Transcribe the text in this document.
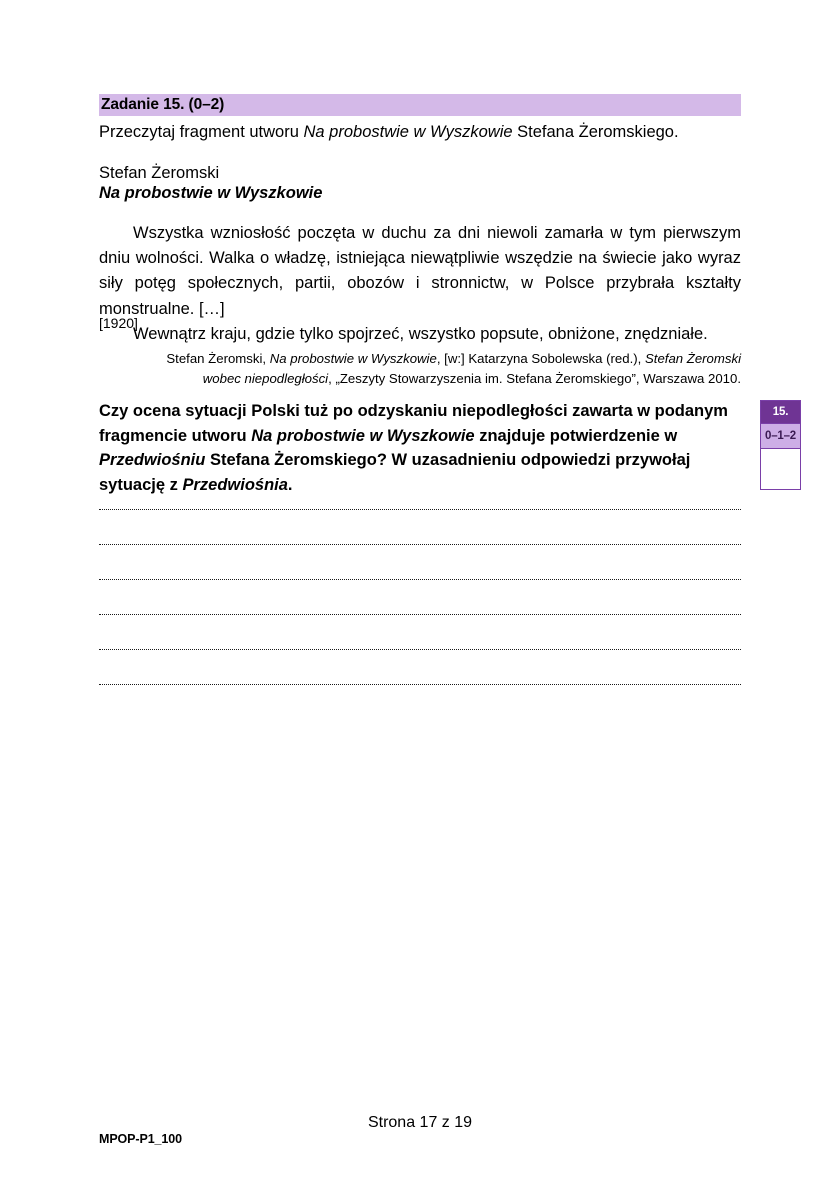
Zadanie 15. (0–2)
Przeczytaj fragment utworu Na probostwie w Wyszkowie Stefana Żeromskiego.
Stefan Żeromski
Na probostwie w Wyszkowie

Wszystka wzniosłość poczęta w duchu za dni niewoli zamarła w tym pierwszym dniu wolności. Walka o władzę, istniejąca niewątpliwie wszędzie na świecie jako wyraz siły potęg społecznych, partii, obozów i stronnictw, w Polsce przybrała kształty monstrualne. […]

Wewnątrz kraju, gdzie tylko spojrzeć, wszystko popsute, obniżone, znędzniałe.

[1920]
Stefan Żeromski, Na probostwie w Wyszkowie, [w:] Katarzyna Sobolewska (red.), Stefan Żeromski wobec niepodległości, „Zeszyty Stowarzyszenia im. Stefana Żeromskiego”, Warszawa 2010.
Czy ocena sytuacji Polski tuż po odzyskaniu niepodległości zawarta w podanym fragmencie utworu Na probostwie w Wyszkowie znajduje potwierdzenie w Przedwiośniu Stefana Żeromskiego? W uzasadnieniu odpowiedzi przywołaj sytuację z Przedwiośnia.
15.
0–1–2
Strona 17 z 19
MPOP-P1_100
